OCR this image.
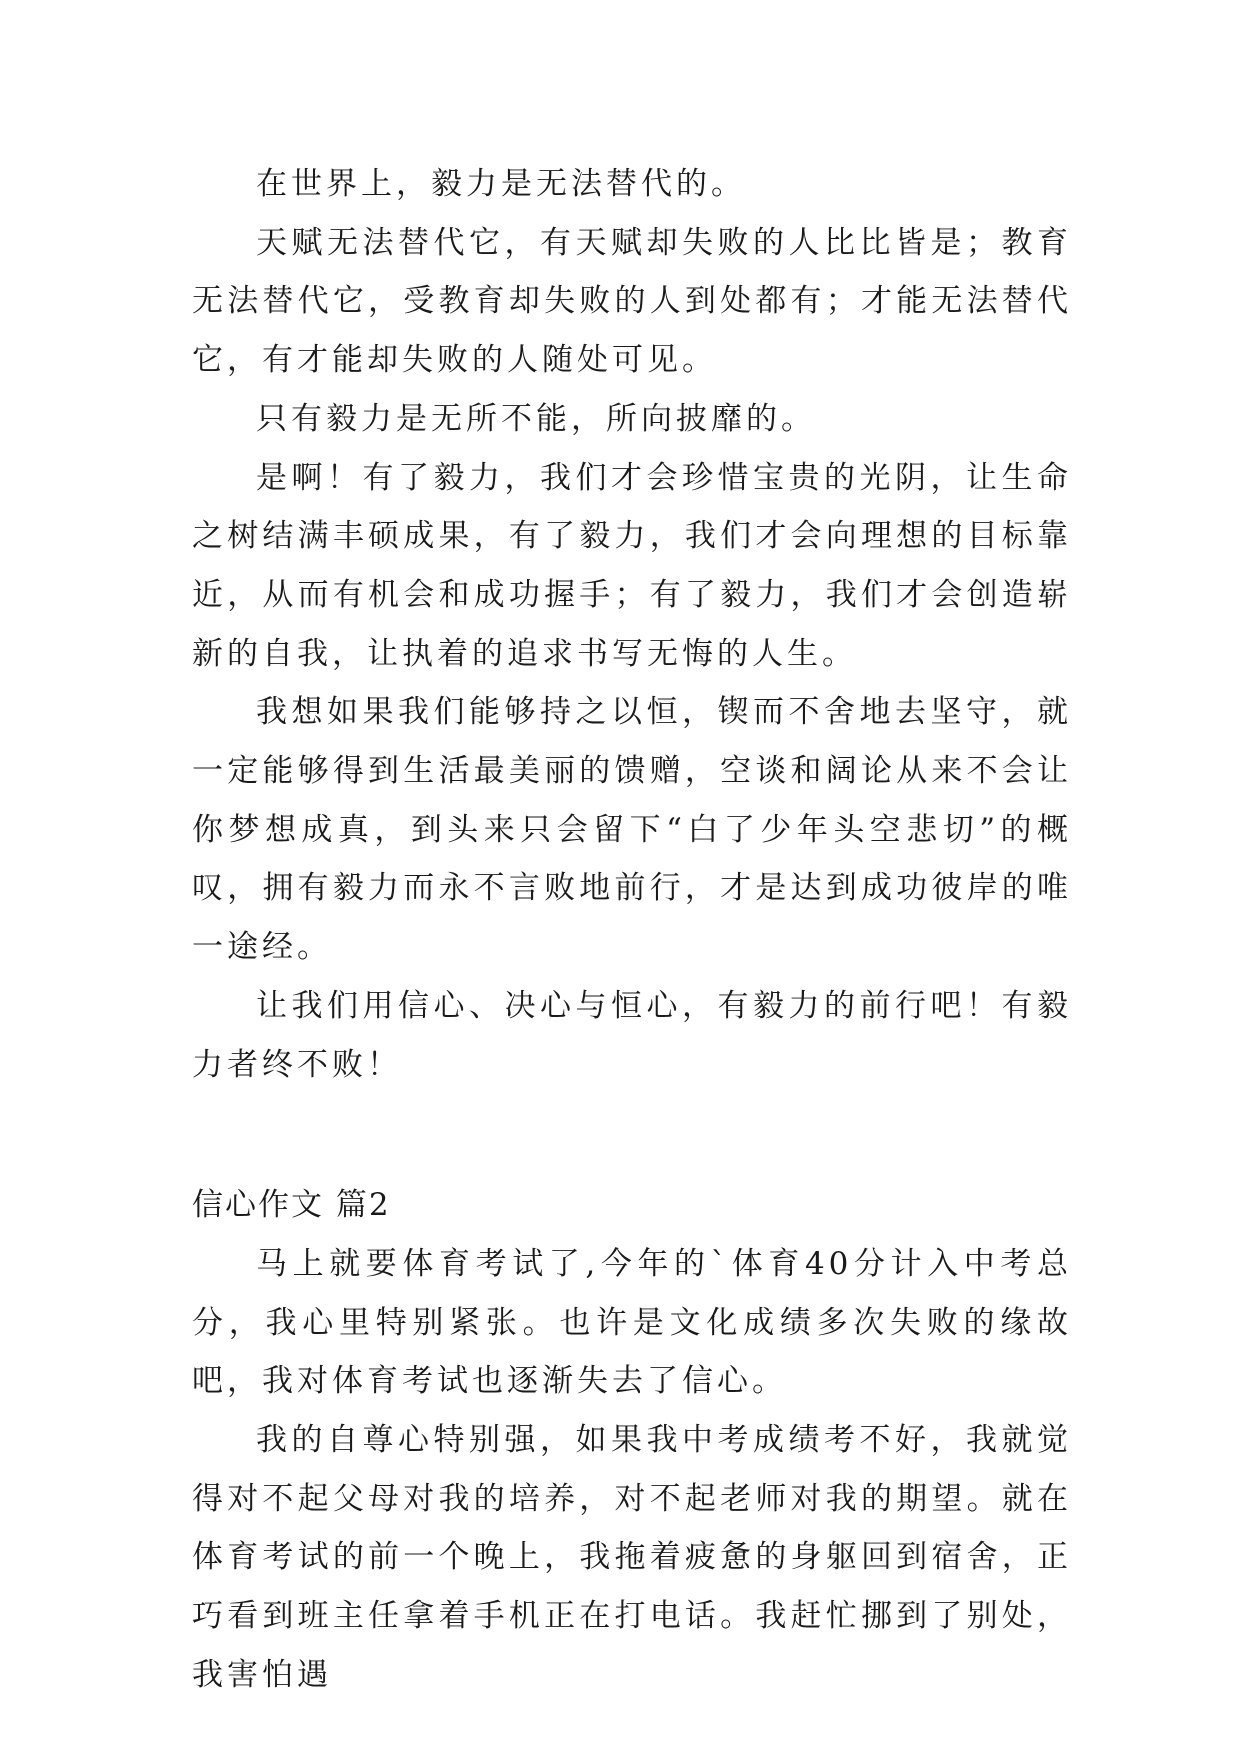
在世界上，毅力是无法替代的。

天赋无法替代它，有天赋却失败的人比比皆是；教育无法替代它，受教育却失败的人到处都有；才能无法替代它，有才能却失败的人随处可见。

只有毅力是无所不能，所向披靡的。

是啊！有了毅力，我们才会珍惜宝贵的光阴，让生命之树结满丰硕成果，有了毅力，我们才会向理想的目标靠近，从而有机会和成功握手；有了毅力，我们才会创造崭新的自我，让执着的追求书写无悔的人生。

我想如果我们能够持之以恒，锲而不舍地去坚守，就一定能够得到生活最美丽的馈赠，空谈和阔论从来不会让你梦想成真，到头来只会留下“白了少年头空悲切”的概叹，拥有毅力而永不言败地前行，才是达到成功彼岸的唯一途经。

让我们用信心、决心与恒心，有毅力的前行吧！有毅力者终不败！

信心作文 篇2

马上就要体育考试了,今年的`体育40分计入中考总分，我心里特别紧张。也许是文化成绩多次失败的缘故吧，我对体育考试也逐渐失去了信心。

我的自尊心特别强，如果我中考成绩考不好，我就觉得对不起父母对我的培养，对不起老师对我的期望。就在体育考试的前一个晚上，我拖着疲惫的身躯回到宿舍，正巧看到班主任拿着手机正在打电话。我赶忙挪到了别处，我害怕遇
